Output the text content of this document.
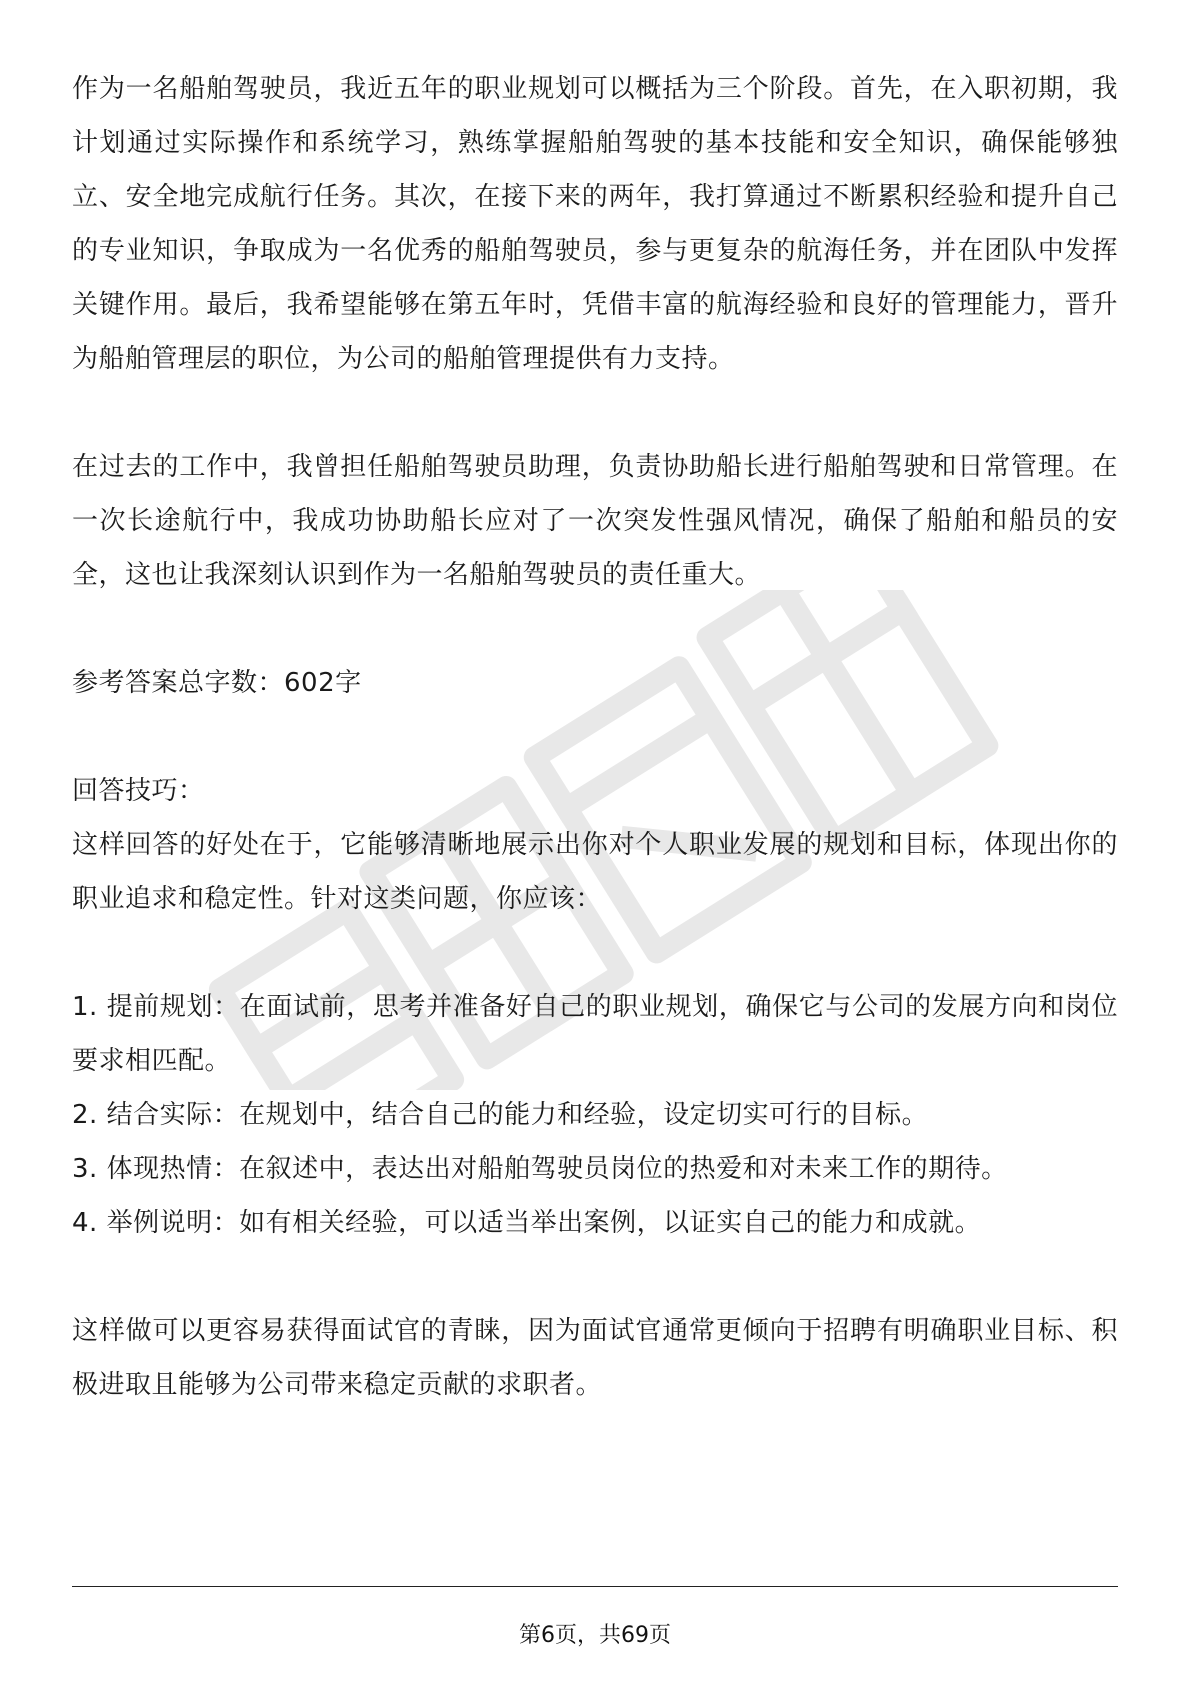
作为一名船舶驾驶员，我近五年的职业规划可以概括为三个阶段。首先，在入职初期，我计划通过实际操作和系统学习，熟练掌握船舶驾驶的基本技能和安全知识，确保能够独立、安全地完成航行任务。其次，在接下来的两年，我打算通过不断累积经验和提升自己的专业知识，争取成为一名优秀的船舶驾驶员，参与更复杂的航海任务，并在团队中发挥关键作用。最后，我希望能够在第五年时，凭借丰富的航海经验和良好的管理能力，晋升为船舶管理层的职位，为公司的船舶管理提供有力支持。

在过去的工作中，我曾担任船舶驾驶员助理，负责协助船长进行船舶驾驶和日常管理。在一次长途航行中，我成功协助船长应对了一次突发性强风情况，确保了船舶和船员的安全，这也让我深刻认识到作为一名船舶驾驶员的责任重大。

参考答案总字数：602字

回答技巧：

这样回答的好处在于，它能够清晰地展示出你对个人职业发展的规划和目标，体现出你的职业追求和稳定性。针对这类问题，你应该：

1. 提前规划：在面试前，思考并准备好自己的职业规划，确保它与公司的发展方向和岗位要求相匹配。

2. 结合实际：在规划中，结合自己的能力和经验，设定切实可行的目标。

3. 体现热情：在叙述中，表达出对船舶驾驶员岗位的热爱和对未来工作的期待。

4. 举例说明：如有相关经验，可以适当举出案例，以证实自己的能力和成就。

这样做可以更容易获得面试官的青睐，因为面试官通常更倾向于招聘有明确职业目标、积极进取且能够为公司带来稳定贡献的求职者。

第6页，共69页
